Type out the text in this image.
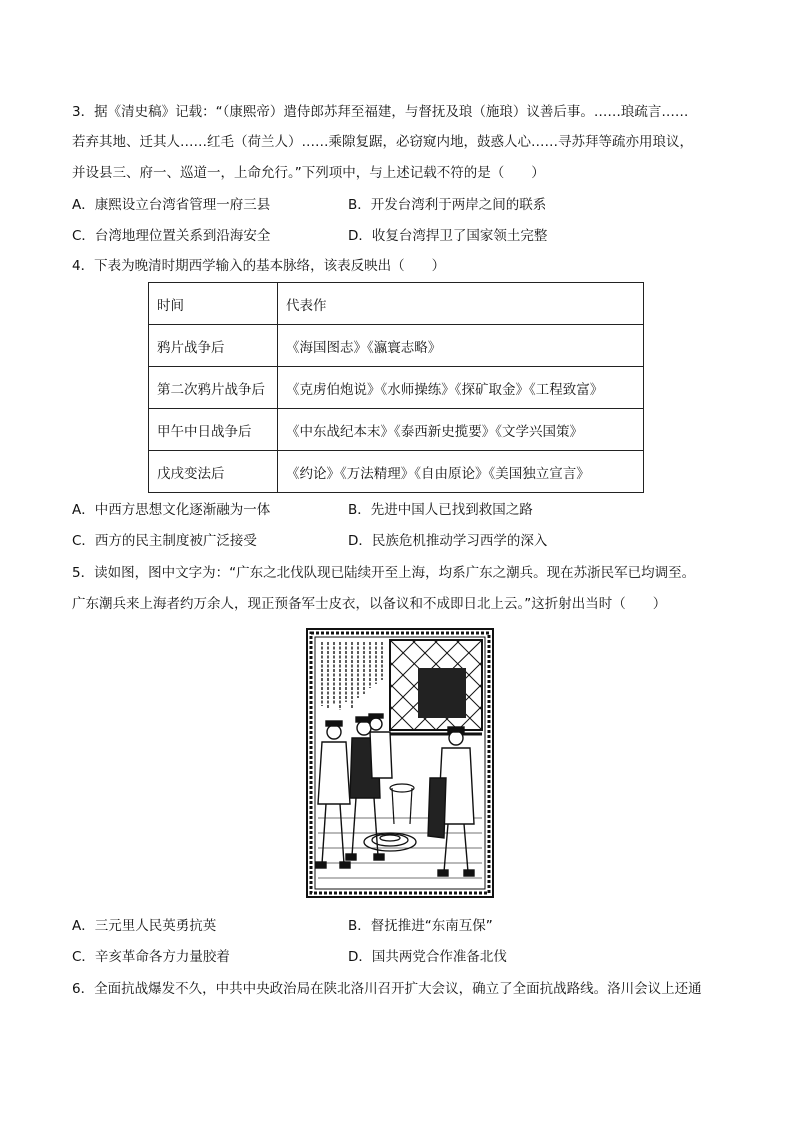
3．据《清史稿》记载：“（康熙帝）遣侍郎苏拜至福建，与督抚及琅（施琅）议善后事。……琅疏言……
若弃其地、迁其人……红毛（荷兰人）……乘隙复踞，必窃窥内地，鼓惑人心……寻苏拜等疏亦用琅议，
并设县三、府一、巡道一，上命允行。”下列项中，与上述记载不符的是（　　）
A．康熙设立台湾省管理一府三县	B．开发台湾利于两岸之间的联系
C．台湾地理位置关系到沿海安全	D．收复台湾捍卫了国家领土完整
4．下表为晚清时期西学输入的基本脉络，该表反映出（　　）
时间	代表作
鸦片战争后	《海国图志》《瀛寰志略》
第二次鸦片战争后	《克虏伯炮说》《水师操练》《探矿取金》《工程致富》
甲午中日战争后	《中东战纪本末》《泰西新史揽要》《文学兴国策》
戊戌变法后	《约论》《万法精理》《自由原论》《美国独立宣言》
A．中西方思想文化逐渐融为一体	B．先进中国人已找到救国之路
C．西方的民主制度被广泛接受	D．民族危机推动学习西学的深入
5．读如图，图中文字为：“广东之北伐队现已陆续开至上海，均系广东之潮兵。现在苏浙民军已均调至。
广东潮兵来上海者约万余人，现正预备军士皮衣，以备议和不成即日北上云。”这折射出当时（　　）
A．三元里人民英勇抗英	B．督抚推进“东南互保”
C．辛亥革命各方力量胶着	D．国共两党合作准备北伐
6．全面抗战爆发不久，中共中央政治局在陕北洛川召开扩大会议，确立了全面抗战路线。洛川会议上还通
